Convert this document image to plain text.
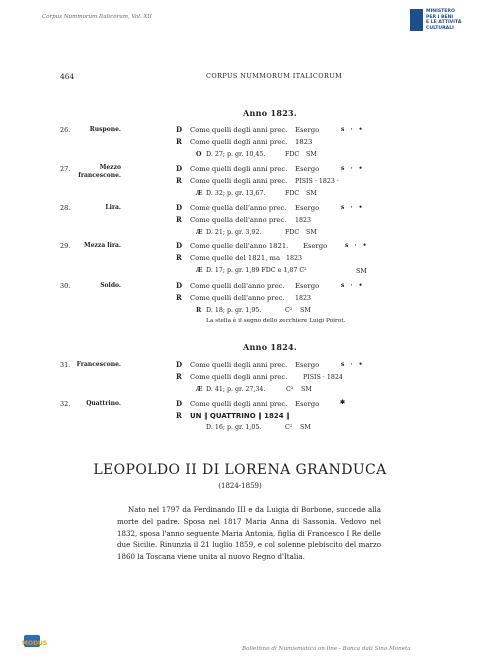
Corpus Nummorum Italicorum, Vol. XII
MINISTERO
PER I BENI
E LE ATTIVITÀ
CULTURALI
464	CORPUS NUMMORUM ITALICORUM
Anno 1823.
26.	Ruspone.	D Come quelli degli anni prec. Esergo	s · •
R Come quelli degli anni prec. 1823
O D. 27; p. gr. 10,45.	FDC SM
27.	Mezzo
francescone.
D Come quelli degli anni prec. Esergo	s · •
R Come quelli degli anni prec. PISIS · 1823 ·
Æ D. 32; p. gr. 13,67.	FDC SM
28.	Lira.	D Come quella dell'anno prec. Esergo	s · •
R Come quella dell'anno prec. 1823
Æ D. 21; p. gr. 3,92.	FDC SM
29. Mezza lira.	D Come quelle dell'anno 1821. Esergo	s · •
R Come quelle del 1821, ma 1823
Æ D. 17; p. gr. 1,89 FDC e 1,87 C²	SM
30.	Soldo.	D Come quelli dell'anno prec. Esergo	s · •
R Come quelli dell'anno prec. 1823
R D. 18; p. gr. 1,95.	C² SM
La stella è il segno dello zecchiere Luigi Poirot.
Anno 1824.
31. Francescone.	D Come quelli degli anni prec. Esergo	s · •
R Come quelli degli anni prec. PISIS · 1824
Æ D. 41; p. gr. 27,34.	C² SM
32.	Quattrino.	D Come quelli degli anni prec. Esergo	✱
R UN ‖ QUATTRINO ‖ 1824 ‖
D. 16; p. gr. 1,05.	C² SM
LEOPOLDO II DI LORENA GRANDUCA
(1824-1859)
Nato nel 1797 da Ferdinando III e da Luigia di Borbone, succede alla morte del padre. Sposa nel 1817 Maria Anna di Sassonia. Vedovo nel 1832, sposa l'anno seguente Maria Antonia, figlia di Francesco I Re delle due Sicilie. Rinunzia il 21 luglio 1859, e col solenne plebiscito del marzo 1860 la Toscana viene unita al nuovo Regno d'Italia.
MODUS
Bollettino di Numismatica on line - Banca dati Sino Moneta
